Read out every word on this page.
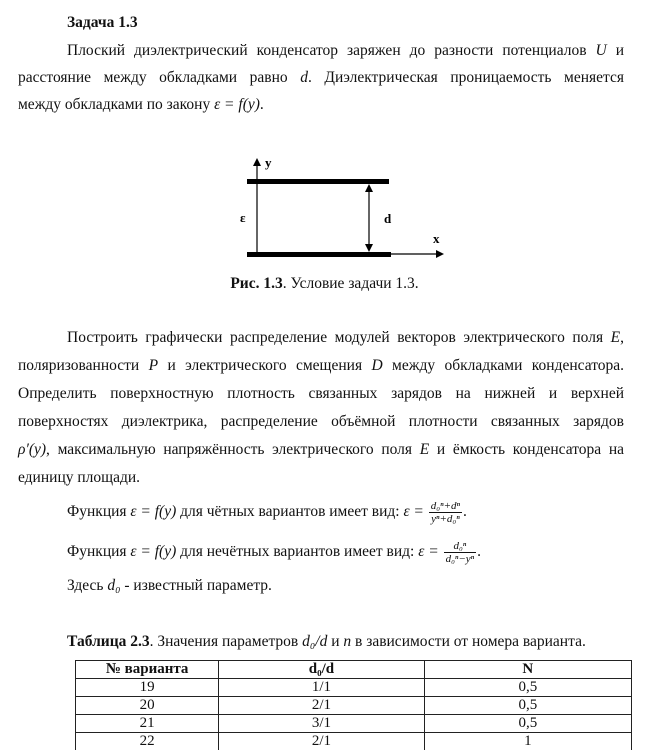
Задача 1.3
Плоский диэлектрический конденсатор заряжен до разности потенциалов U и
расстояние между обкладками равно d. Диэлектрическая проницаемость меняется
между обкладками по закону ε = f(y).
y
x
ε	d
Рис. 1.3. Условие задачи 1.3.
Построить графически распределение модулей векторов электрического поля E,
поляризованности P и электрического смещения D между обкладками конденсатора.
Определить поверхностную плотность связанных зарядов на нижней и верхней
поверхностях диэлектрика, распределение объёмной плотности связанных зарядов
ρ′(y), максимальную напряжённость электрического поля E и ёмкость конденсатора на
единицу площади.
Функция ε = f(y) для чётных вариантов имеет вид: $\varepsilon = \frac{\text{d₀ⁿ+dⁿ}}{\text{yⁿ+d₀ⁿ}}$ .
Функция ε = f(y) для нечётных вариантов имеет вид: $\varepsilon = \frac{\text{d₀ⁿ}}{\text{d₀ⁿ−yⁿ}}$ .
Здесь d₀ - известный параметр.
Таблица 2.3. Значения параметров d₀/d и n в зависимости от номера варианта.
№ варианта	d₀/d	N
19	1/1	0,5
20	2/1	0,5
21	3/1	0,5
22	2/1	1
